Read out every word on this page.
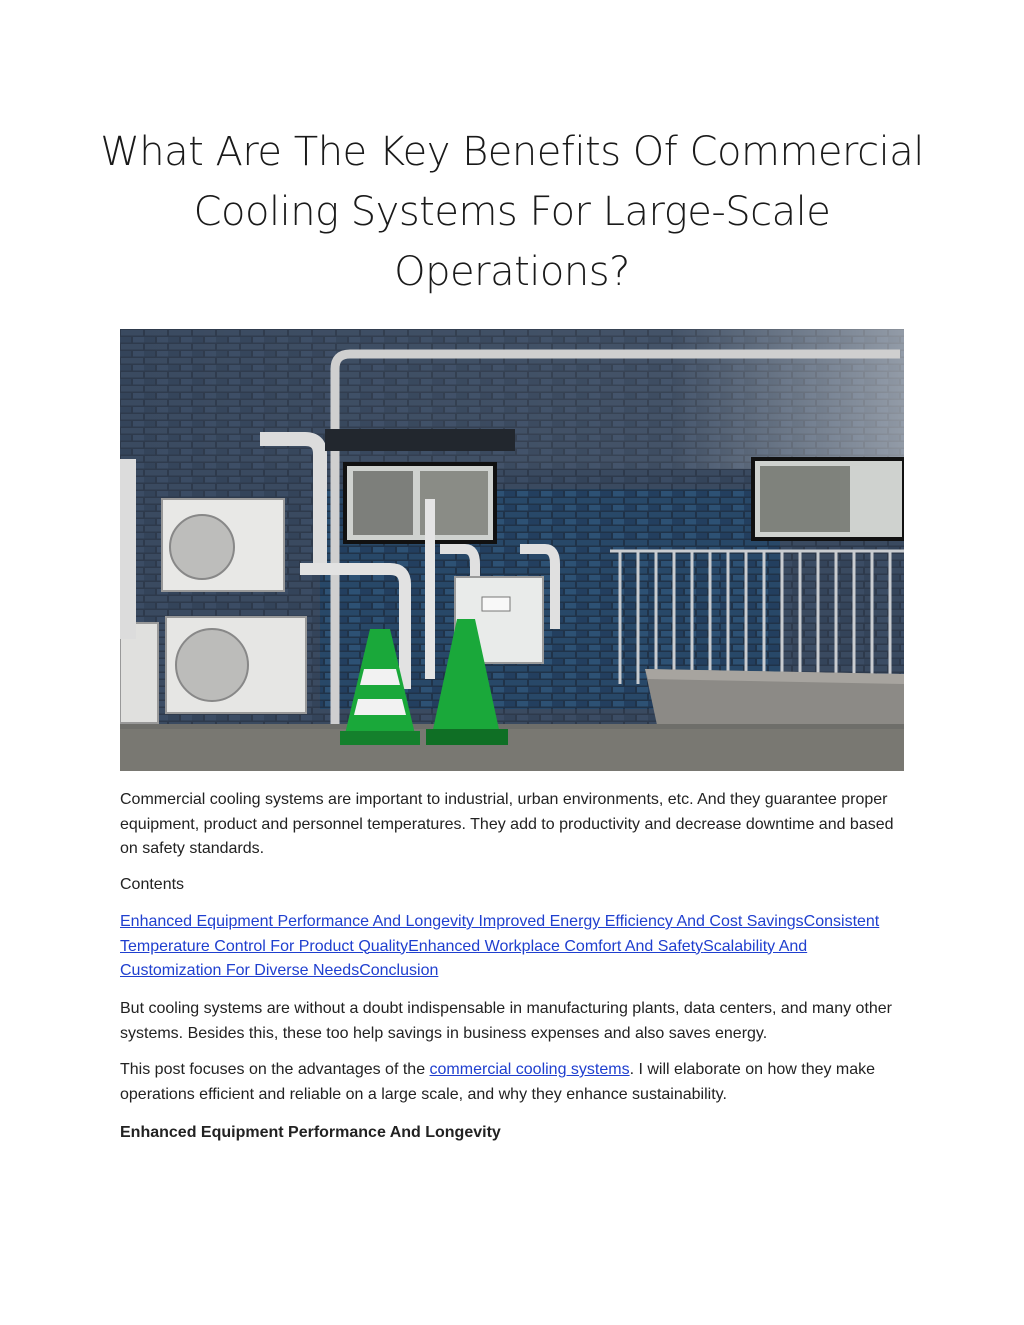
What Are The Key Benefits Of Commercial Cooling Systems For Large-Scale Operations?

Commercial cooling systems are important to industrial, urban environments, etc. And they guarantee proper equipment, product and personnel temperatures. They add to productivity and decrease downtime and based on safety standards.

Contents

Enhanced Equipment Performance And Longevity Improved Energy Efficiency And Cost SavingsConsistent Temperature Control For Product QualityEnhanced Workplace Comfort And SafetyScalability And Customization For Diverse NeedsConclusion

But cooling systems are without a doubt indispensable in manufacturing plants, data centers, and many other systems. Besides this, these too help savings in business expenses and also saves energy.

This post focuses on the advantages of the commercial cooling systems. I will elaborate on how they make operations efficient and reliable on a large scale, and why they enhance sustainability.

Enhanced Equipment Performance And Longevity
